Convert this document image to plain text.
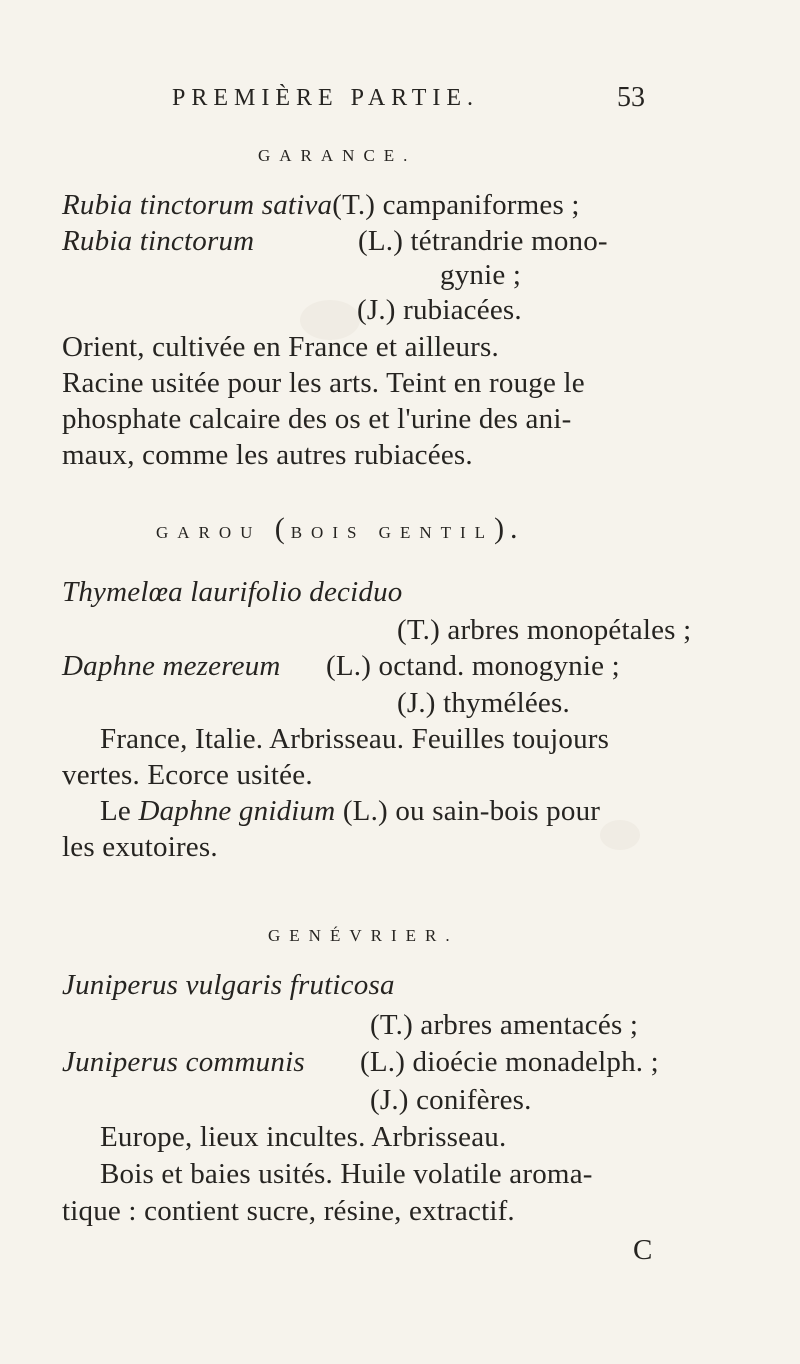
PREMIÈRE PARTIE.	53
GARANCE.
Rubia tinctorum sativa(T.) campaniformes ;
Rubia tinctorum	(L.) tétrandrie mono-
gynie ;
(J.) rubiacées.
Orient, cultivée en France et ailleurs.
Racine usitée pour les arts. Teint en rouge le
phosphate calcaire des os et l'urine des ani-
maux, comme les autres rubiacées.
GAROU (BOIS GENTIL).
Thymelœa laurifolio deciduo
(T.) arbres monopétales ;
Daphne mezereum (L.) octand. monogynie ;
(J.) thymélées.
France, Italie. Arbrisseau. Feuilles toujours
vertes. Ecorce usitée.
Le Daphne gnidium (L.) ou sain-bois pour
les exutoires.
GENÉVRIER.
Juniperus vulgaris fruticosa
(T.) arbres amentacés ;
Juniperus communis (L.) dioécie monadelph. ;
(J.) conifères.
Europe, lieux incultes. Arbrisseau.
Bois et baies usités. Huile volatile aroma-
tique : contient sucre, résine, extractif.
C
